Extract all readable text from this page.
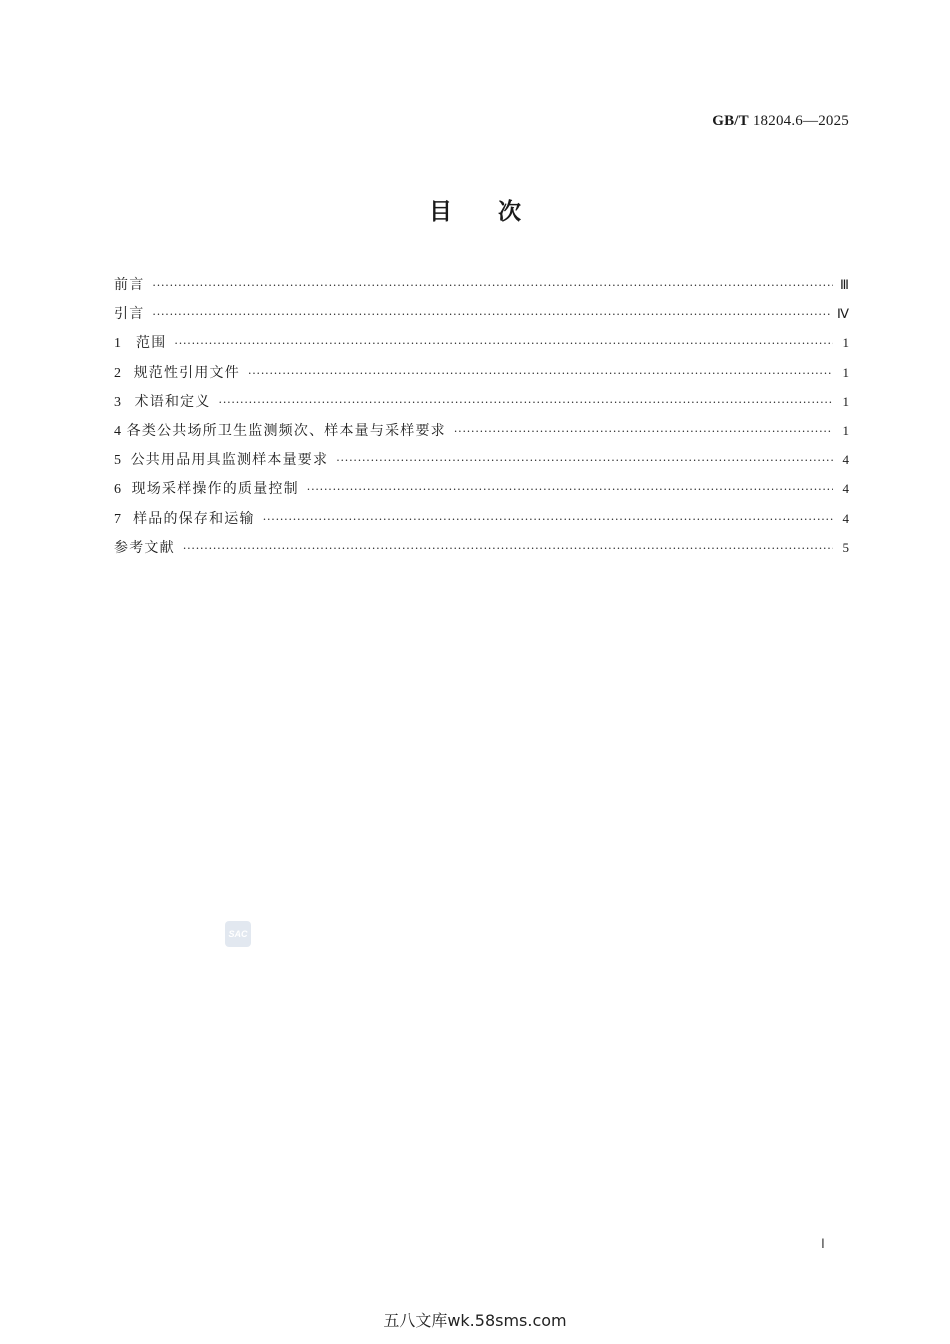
GB/T 18204.6—2025
目　　次
前言 ·····	Ⅲ
引言 ·····	Ⅳ
1	范围 ·····	1
2 规范性引用文件 ·····	1
3 术语和定义 ·····	1
4 各类公共场所卫生监测频次、样本量与采样要求 ·····	1
5 公共用品用具监测样本量要求 ·····	4
6 现场采样操作的质量控制 ·····	4
7 样品的保存和运输 ·····	4
参考文献 ·····	5
SAC
Ⅰ
五八文库wk.58sms.com
